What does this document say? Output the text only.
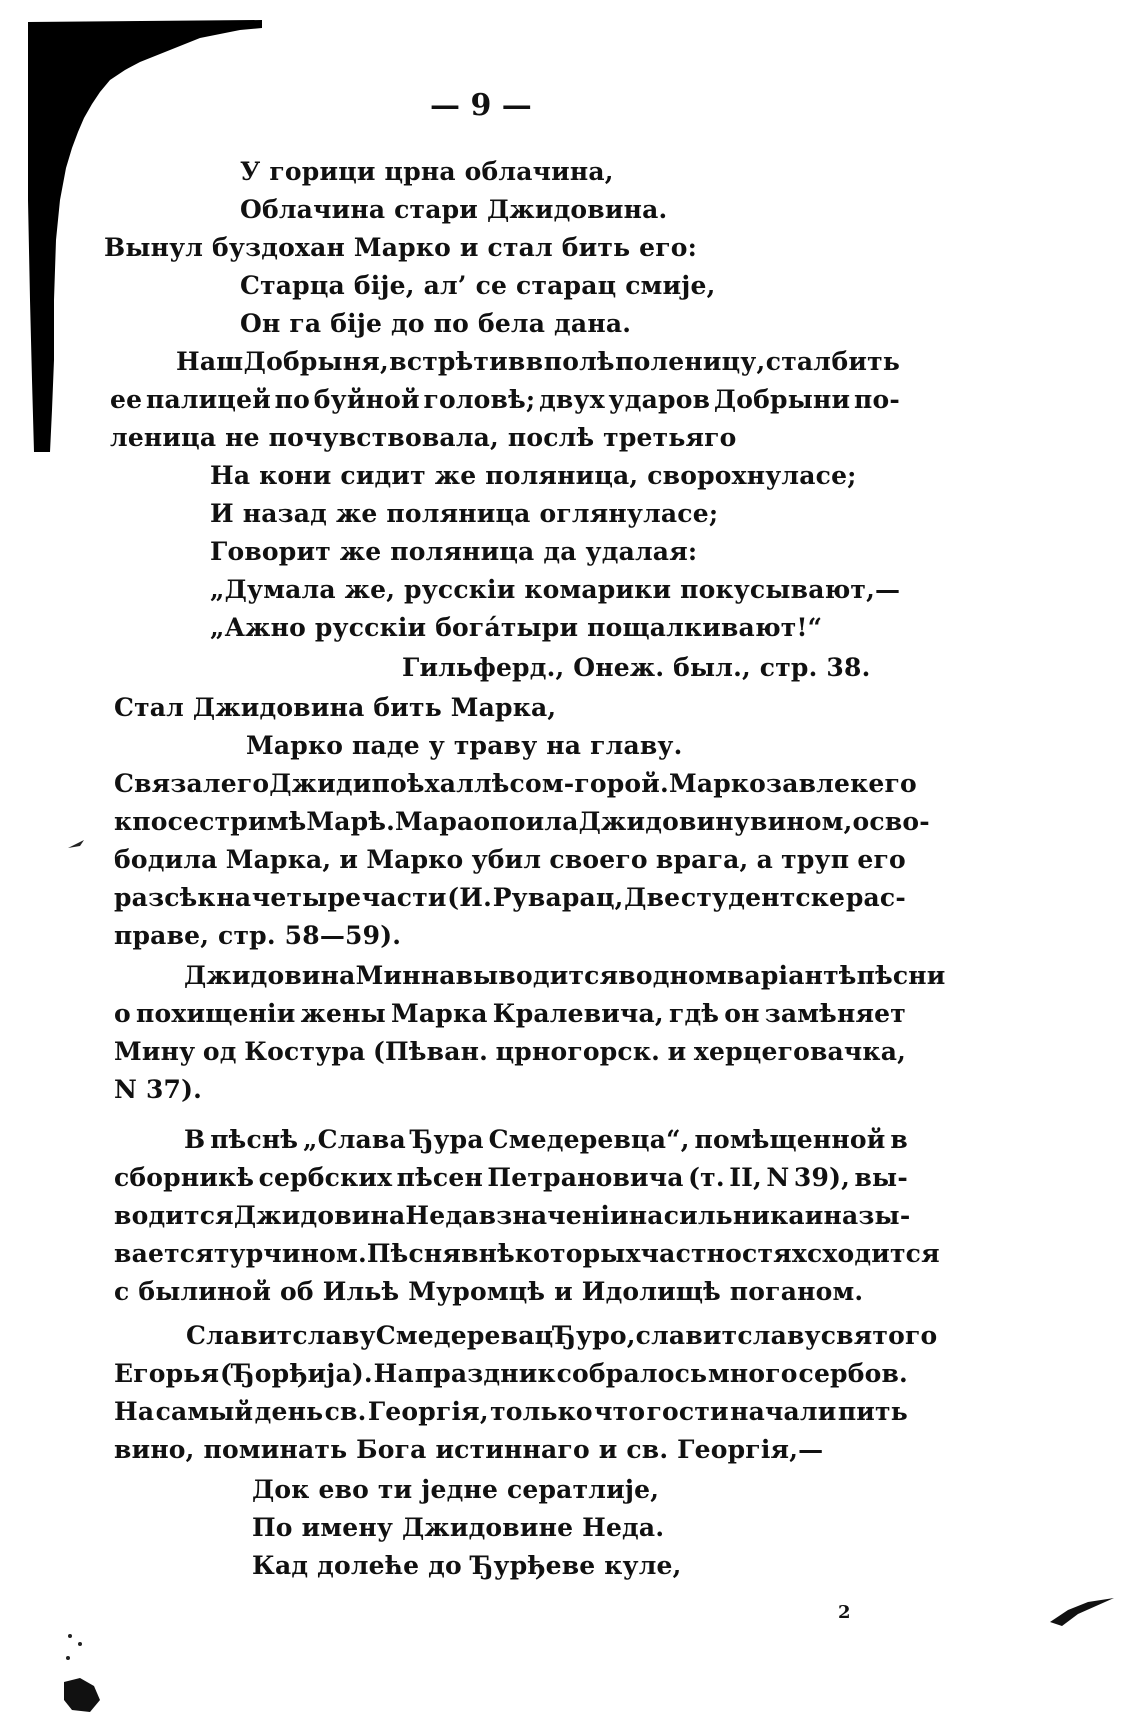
— 9 —
У горици црна облачина,
Облачина стари Джидовина.
Вынул буздохан Марко и стал бить его:
Старца біје, ал’ се старац смије,
Он га біје до по бела дана.
Наш Добрыня, встрѣтив в полѣ поленицу, стал бить
ее палицей по буйной головѣ; двух ударов Добрыни по-
леница не почувствовала, послѣ третьяго
На кони сидит же поляница, сворохнуласе;
И назад же поляница оглянуласе;
Говорит же поляница да удалая:
„Думала же, русскіи комарики покусывают,—
„Ажно русскіи богáтыри пощалкивают!“
Гильферд., Онеж. был., стр. 38.
Стал Джидовина бить Марка,
Марко паде у траву на главу.
Связал его Джид и поѣхал лѣсом-горой. Марко завлек его
к посестримѣ Марѣ. Мара опоила Джидовину вином, осво-
бодила Марка, и Марко убил своего врага, а труп его
разсѣк на четыре части (И. Руварац, Две студентске рас-
праве, стр. 58—59).
Джидовина Минна выводится в одном варіантѣ пѣсни
о похищеніи жены Марка Кралевича, гдѣ он замѣняет
Мину од Костура (Пѣван. црногорск. и херцеговачка,
N 37).
В пѣснѣ „Слава Ђура Смедеревца“, помѣщенной в
сборникѣ сербских пѣсен Петрановича (т. II, N 39), вы-
водится Джидовина Неда в значеніи насильника и назы-
вается турчином. Пѣсня в нѣкоторых частностях сходится
с былиной об Ильѣ Муромцѣ и Идолищѣ поганом.
Славит славу Смедеревац Ђуро, славит славу святого
Егорья (Ђорђија). На праздник собралось много сербов.
На самый день св. Георгія, только что гости начали пить
вино, поминать Бога истиннаго и св. Георгія,—
Док ево ти једне сератлије,
По имену Джидовине Неда.
Кад долеће до Ђурђеве куле,
2
